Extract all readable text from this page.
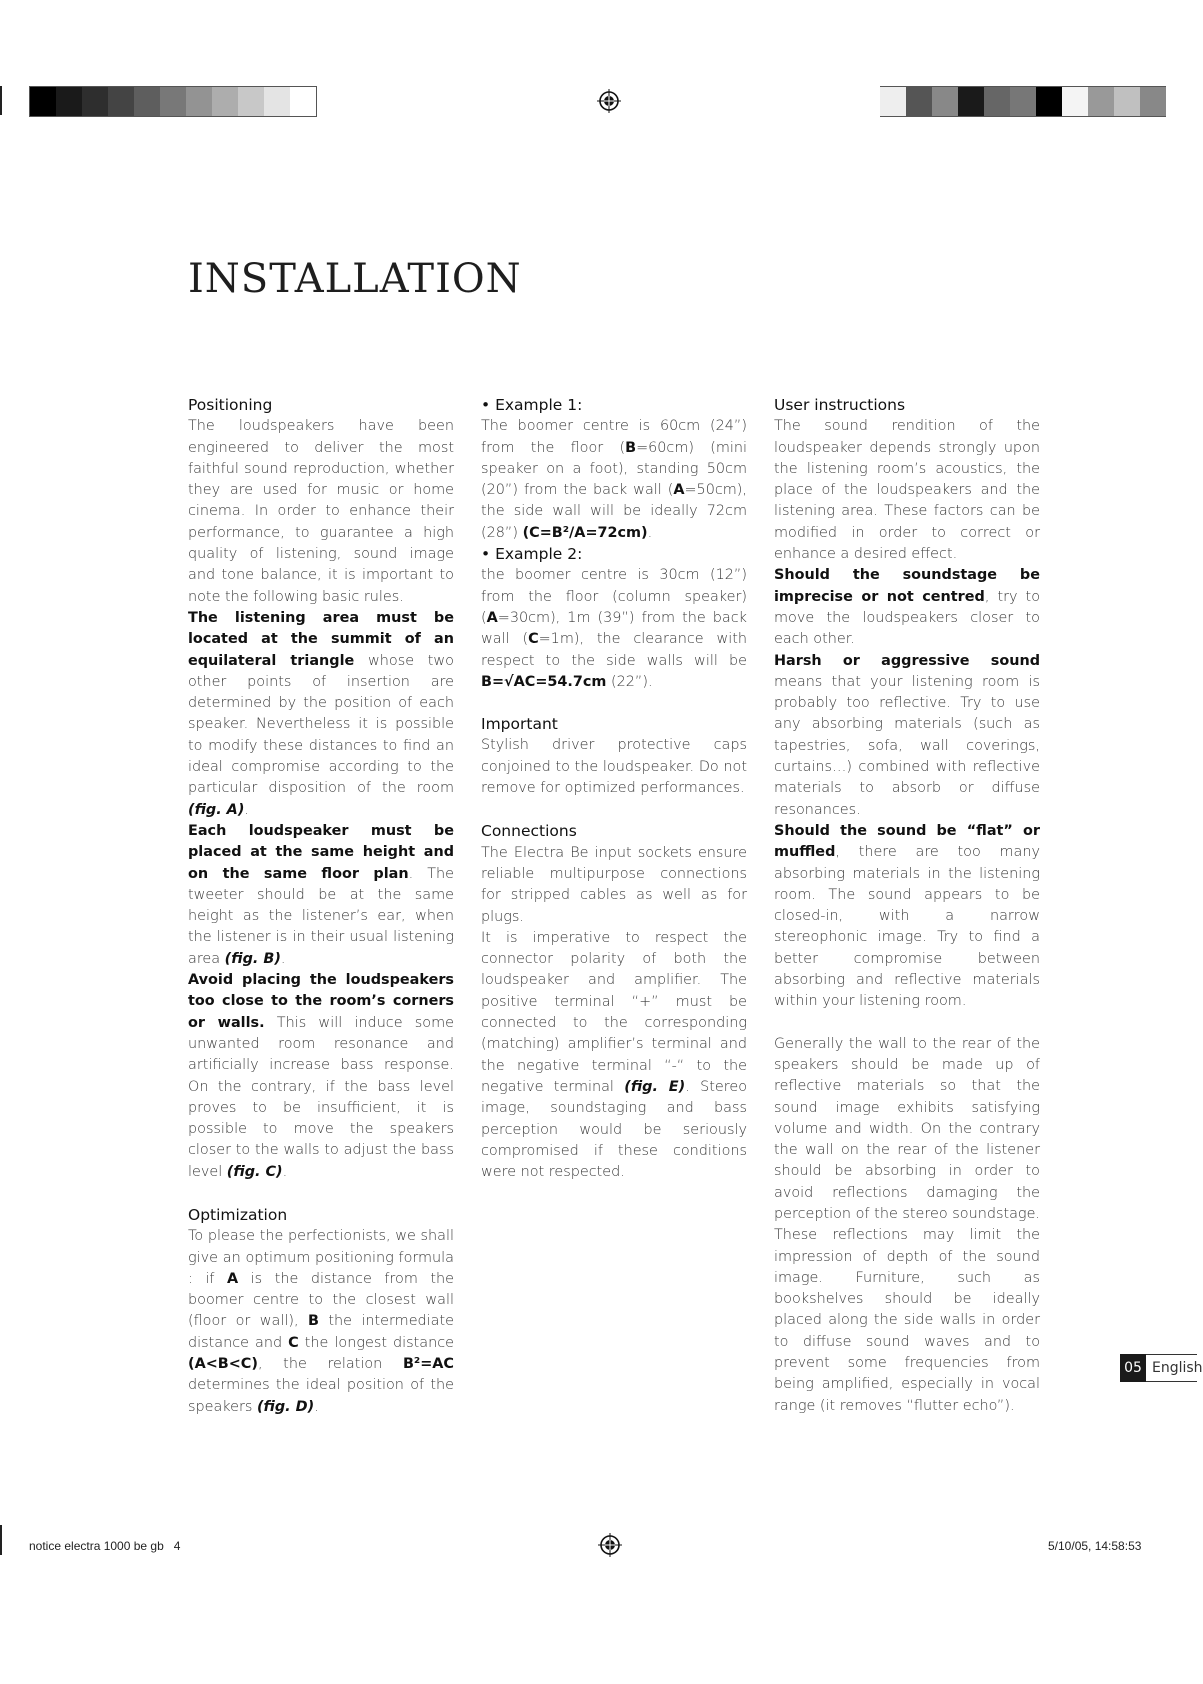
INSTALLATION
Positioning

The loudspeakers have been engineered to deliver the most faithful sound reproduction, whether they are used for music or home cinema. In order to enhance their performance, to guarantee a high quality of listening, sound image and tone balance, it is important to note the following basic rules.

The listening area must be located at the summit of an equilateral triangle whose two other points of insertion are determined by the position of each speaker. Nevertheless it is possible to modify these distances to find an ideal compromise according to the particular disposition of the room (fig. A).

Each loudspeaker must be placed at the same height and on the same floor plan. The tweeter should be at the same height as the listener’s ear, when the listener is in their usual listening area (fig. B).

Avoid placing the loudspeakers too close to the room’s corners or walls. This will induce some unwanted room resonance and artificially increase bass response. On the contrary, if the bass level proves to be insufficient, it is possible to move the speakers closer to the walls to adjust the bass level (fig. C).

Optimization

To please the perfectionists, we shall give an optimum positioning formula : if A is the distance from the boomer centre to the closest wall (floor or wall), B the intermediate distance and C the longest distance (A<B<C), the relation B²=AC determines the ideal position of the speakers (fig. D).

• Example 1:

The boomer centre is 60cm (24”) from the floor (B=60cm) (mini speaker on a foot), standing 50cm (20”) from the back wall (A=50cm), the side wall will be ideally 72cm (28”) (C=B²/A=72cm).

• Example 2:

the boomer centre is 30cm (12”) from the floor (column speaker) (A=30cm), 1m (39”) from the back wall (C=1m), the clearance with respect to the side walls will be B=√AC=54.7cm (22”).

Important

Stylish driver protective caps conjoined to the loudspeaker. Do not remove for optimized performances.

Connections

The Electra Be input sockets ensure reliable multipurpose connections for stripped cables as well as for plugs.

It is imperative to respect the connector polarity of both the loudspeaker and amplifier. The positive terminal “+” must be connected to the corresponding (matching) amplifier’s terminal and the negative terminal “-“ to the negative terminal (fig. E). Stereo image, soundstaging and bass perception would be seriously compromised if these conditions were not respected.

User instructions

The sound rendition of the loudspeaker depends strongly upon the listening room’s acoustics, the place of the loudspeakers and the listening area. These factors can be modified in order to correct or enhance a desired effect.

Should the soundstage be imprecise or not centred, try to move the loudspeakers closer to each other.

Harsh or aggressive sound means that your listening room is probably too reflective. Try to use any absorbing materials (such as tapestries, sofa, wall coverings, curtains…) combined with reflective materials to absorb or diffuse resonances.

Should the sound be “flat” or muffled, there are too many absorbing materials in the listening room. The sound appears to be closed-in, with a narrow stereophonic image. Try to find a better compromise between absorbing and reflective materials within your listening room.

Generally the wall to the rear of the speakers should be made up of reflective materials so that the sound image exhibits satisfying volume and width. On the contrary the wall on the rear of the listener should be absorbing in order to avoid reflections damaging the perception of the stereo soundstage. These reflections may limit the impression of depth of the sound image. Furniture, such as bookshelves should be ideally placed along the side walls in order to diffuse sound waves and to prevent some frequencies from being amplified, especially in vocal range (it removes “flutter echo”).

05 English
notice electra 1000 be gb   4	5/10/05, 14:58:53
